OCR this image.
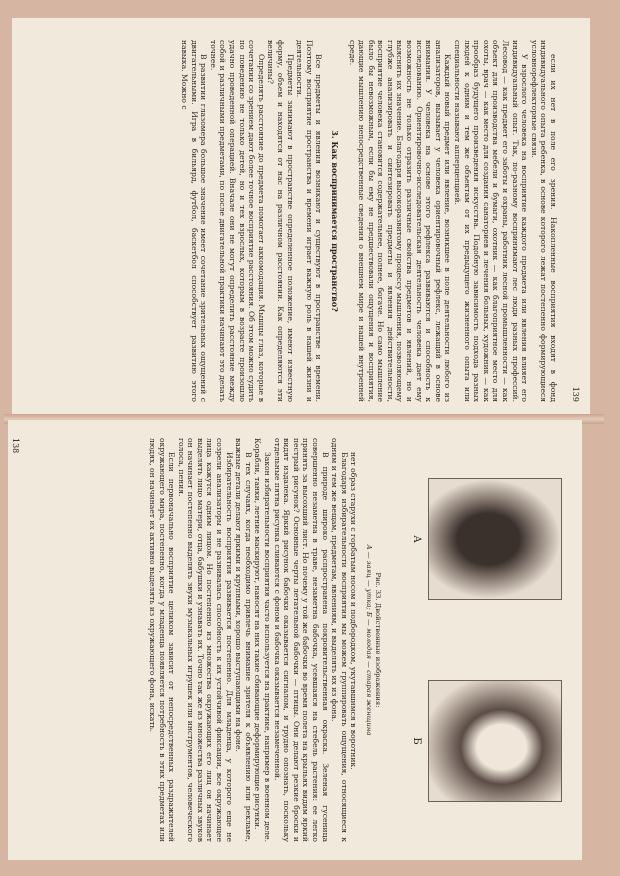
139

если их нет в поле его зрения. Накопленные восприятия входят в фонд индивидуального опыта ребенка, в основе которого лежат постепенно формирующиеся условнорефлекторные связи.

У взрослого человека на восприятие каждого предмета или явления влияет его индивидуальный опыт. Так, по-разному воспринимают лес люди разных профессий. Лесовод — как предмет его заботы и охраны, работник лесной промышленности — как объект для производства мебели и бумаги, охотник — как благоприятное место для охоты, врач — как место для создания санаториев и лечения больных, художник — как прообраз будущего произведения искусства. Подобную зависимость подхода разных людей к одним и тем же объектам от их предыдущего жизненного опыта или специальности называют апперцепцией.

Каждый новый предмет или явление, возникшее в поле деятельности любого из анализаторов, вызывает у человека ориентировочный рефлекс, лежащий в основе внимания. У человека на основе этого рефлекса развиваются и способность к исследованию. Ориентировочно-исследовательская деятельность человека дает ему возможность не только отразить различные свойства предметов и явлений, но и выяснить их значение. Благодаря высокоразвитому процессу мышления, позволяющему глубже анализировать и синтезировать предметы и явления действительности, восприятие человека становится содержательнее, полнее, богаче. Но само мышление было бы невозможным, если бы ему не предшествовали ощущения и восприятия, дающие мышлению непосредственные сведения о внешнем мире и нашей внутренней среде.

3. Как воспринимается пространство?

Все предметы и явления возникают и существуют в пространстве и времени. Поэтому восприятие пространства и времени играет важную роль в нашей жизни и деятельности.

Предметы занимают в пространстве определенное положение, имеют известную форму, объем и находятся от нас на различном расстоянии. Как определяются эти величины?

Определять расстояние до предмета помогает аккомодация. Мышцы глаз, которые в сочетании со зрением дают более точное восприятие расстояния. Об этом можно судить по поведению не только детей, но и тех взрослых, которым в возрасте произошло удачно проведенной операцией. Вначале они не могут определить расстояние между собой и различными предметами, по после двигательной практики начинают это делать точнее.

В развитии глазомера большое значение имеет сочетание зрительных ощущений с двигательными. Игра в бильярд, футбол, баскетбол способствует развитию этого навыка. Можно с

138
А
Б
Рис. 33. Двойственные изображения:
А — заяц — утка; Б — молодая — старая женщина

нет образ старухи с горбатым носом и подбородком, укутавшимся в воротник.

Благодаря избирательности восприятия мы можем группировать ощущения, относящиеся к одним и тем же вещам, предметам, явлениям, и выделять их из фона.

В природе широко распространена покровительственная окраска. Зеленая гусеница совершенно незаметна в траве, незаметна бабочка, усевшаяся на стебель растения: ее легко принять за высохший лист. Но почему у той же бабочки во время полета на крыльях видим яркий пестрый рисунок? Основные черты летательной бабочки — птицы. Они делают резкие броски и видят издалека. Яркий рисунок бабочки оказывается сигналом, и трудно опознать, поскольку отдельные пятна рисунка сливаются с фоном и бабочка оказывается незамеченной.

Закон избирательности восприятия часто используется на практике, например в военном деле. Корабли, танки, летние маскируют, наносят на них такие сбивающие деформирующие рисунки.

В тех случаях, когда необходимо привлечь внимание зрителя к объявлению или рекламе, важные детали делают яркими и крупными, хорошо выступающими на фоне.

Избирательность восприятия развивается постепенно. Для младенца, у которого еще не созрели анализаторы и не развивалась способность к их устойчивой фиксации, все окружающее лица кажутся одним лицом. Но постепенно из множества окружающих его лиц он начинает выделять лицо матери, отца, бабушки и узнавать их. Точно так же из множества различных звуков он начинает постепенно выделять звуки музыкальных игрушек или инструментов, человеческого голоса, пения.

Если первоначально восприятие целиком зависит от непосредственных раздражителей окружающего мира, постепенно, когда у младенца появляется потребность в этих предметах или людях, он начинает их активно выделять из окружающего фона, искать.
